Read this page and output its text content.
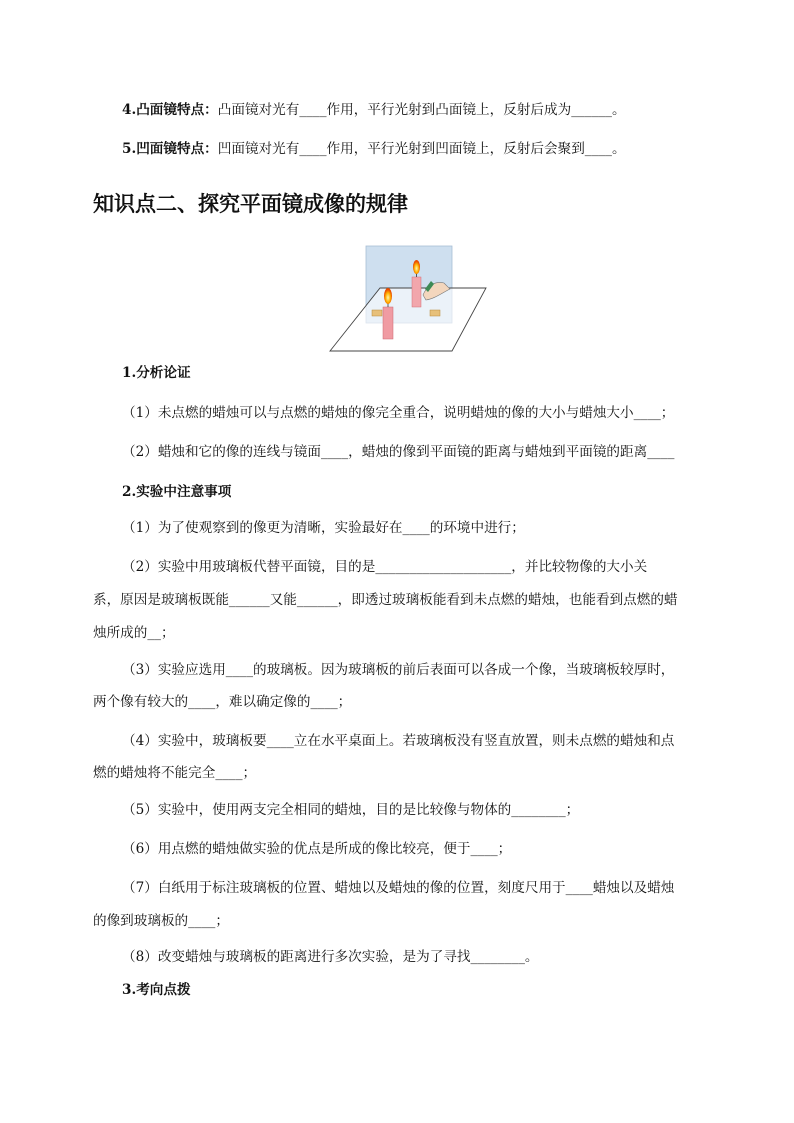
4.凸面镜特点：凸面镜对光有____作用，平行光射到凸面镜上，反射后成为______。
5.凹面镜特点：凹面镜对光有____作用，平行光射到凹面镜上，反射后会聚到____。
知识点二、探究平面镜成像的规律
1.分析论证
（1）未点燃的蜡烛可以与点燃的蜡烛的像完全重合，说明蜡烛的像的大小与蜡烛大小____；
（2）蜡烛和它的像的连线与镜面____，蜡烛的像到平面镜的距离与蜡烛到平面镜的距离____
2.实验中注意事项
（1）为了使观察到的像更为清晰，实验最好在____的环境中进行；
（2）实验中用玻璃板代替平面镜，目的是____________________，并比较物像的大小关
系，原因是玻璃板既能______又能______，即透过玻璃板能看到未点燃的蜡烛，也能看到点燃的蜡
烛所成的__；
（3）实验应选用____的玻璃板。因为玻璃板的前后表面可以各成一个像，当玻璃板较厚时，
两个像有较大的____，难以确定像的____；
（4）实验中，玻璃板要____立在水平桌面上。若玻璃板没有竖直放置，则未点燃的蜡烛和点
燃的蜡烛将不能完全____；
（5）实验中，使用两支完全相同的蜡烛，目的是比较像与物体的________；
（6）用点燃的蜡烛做实验的优点是所成的像比较亮，便于____；
（7）白纸用于标注玻璃板的位置、蜡烛以及蜡烛的像的位置，刻度尺用于____蜡烛以及蜡烛
的像到玻璃板的____；
（8）改变蜡烛与玻璃板的距离进行多次实验，是为了寻找________。
3.考向点拨
